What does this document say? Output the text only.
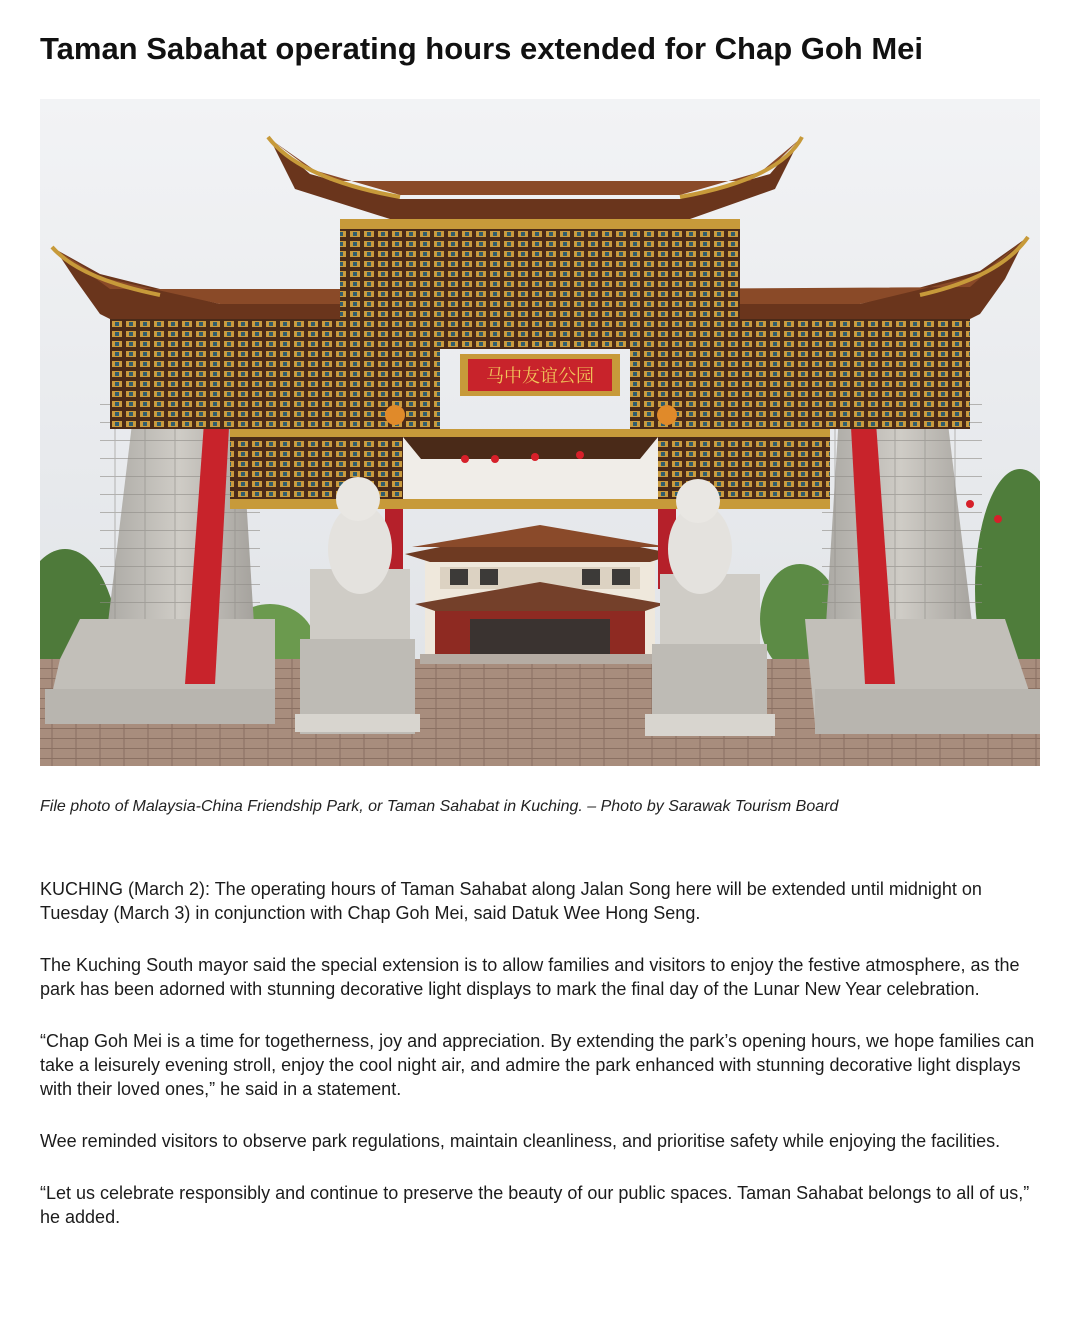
Taman Sabahat operating hours extended for Chap Goh Mei
马中友谊公园
File photo of Malaysia-China Friendship Park, or Taman Sahabat in Kuching. – Photo by Sarawak Tourism Board

KUCHING (March 2): The operating hours of Taman Sahabat along Jalan Song here will be extended until midnight on Tuesday (March 3) in conjunction with Chap Goh Mei, said Datuk Wee Hong Seng.

The Kuching South mayor said the special extension is to allow families and visitors to enjoy the festive atmosphere, as the park has been adorned with stunning decorative light displays to mark the final day of the Lunar New Year celebration.

“Chap Goh Mei is a time for togetherness, joy and appreciation. By extending the park’s opening hours, we hope families can take a leisurely evening stroll, enjoy the cool night air, and admire the park enhanced with stunning decorative light displays with their loved ones,” he said in a statement.

Wee reminded visitors to observe park regulations, maintain cleanliness, and prioritise safety while enjoying the facilities.

“Let us celebrate responsibly and continue to preserve the beauty of our public spaces. Taman Sahabat belongs to all of us,” he added.
